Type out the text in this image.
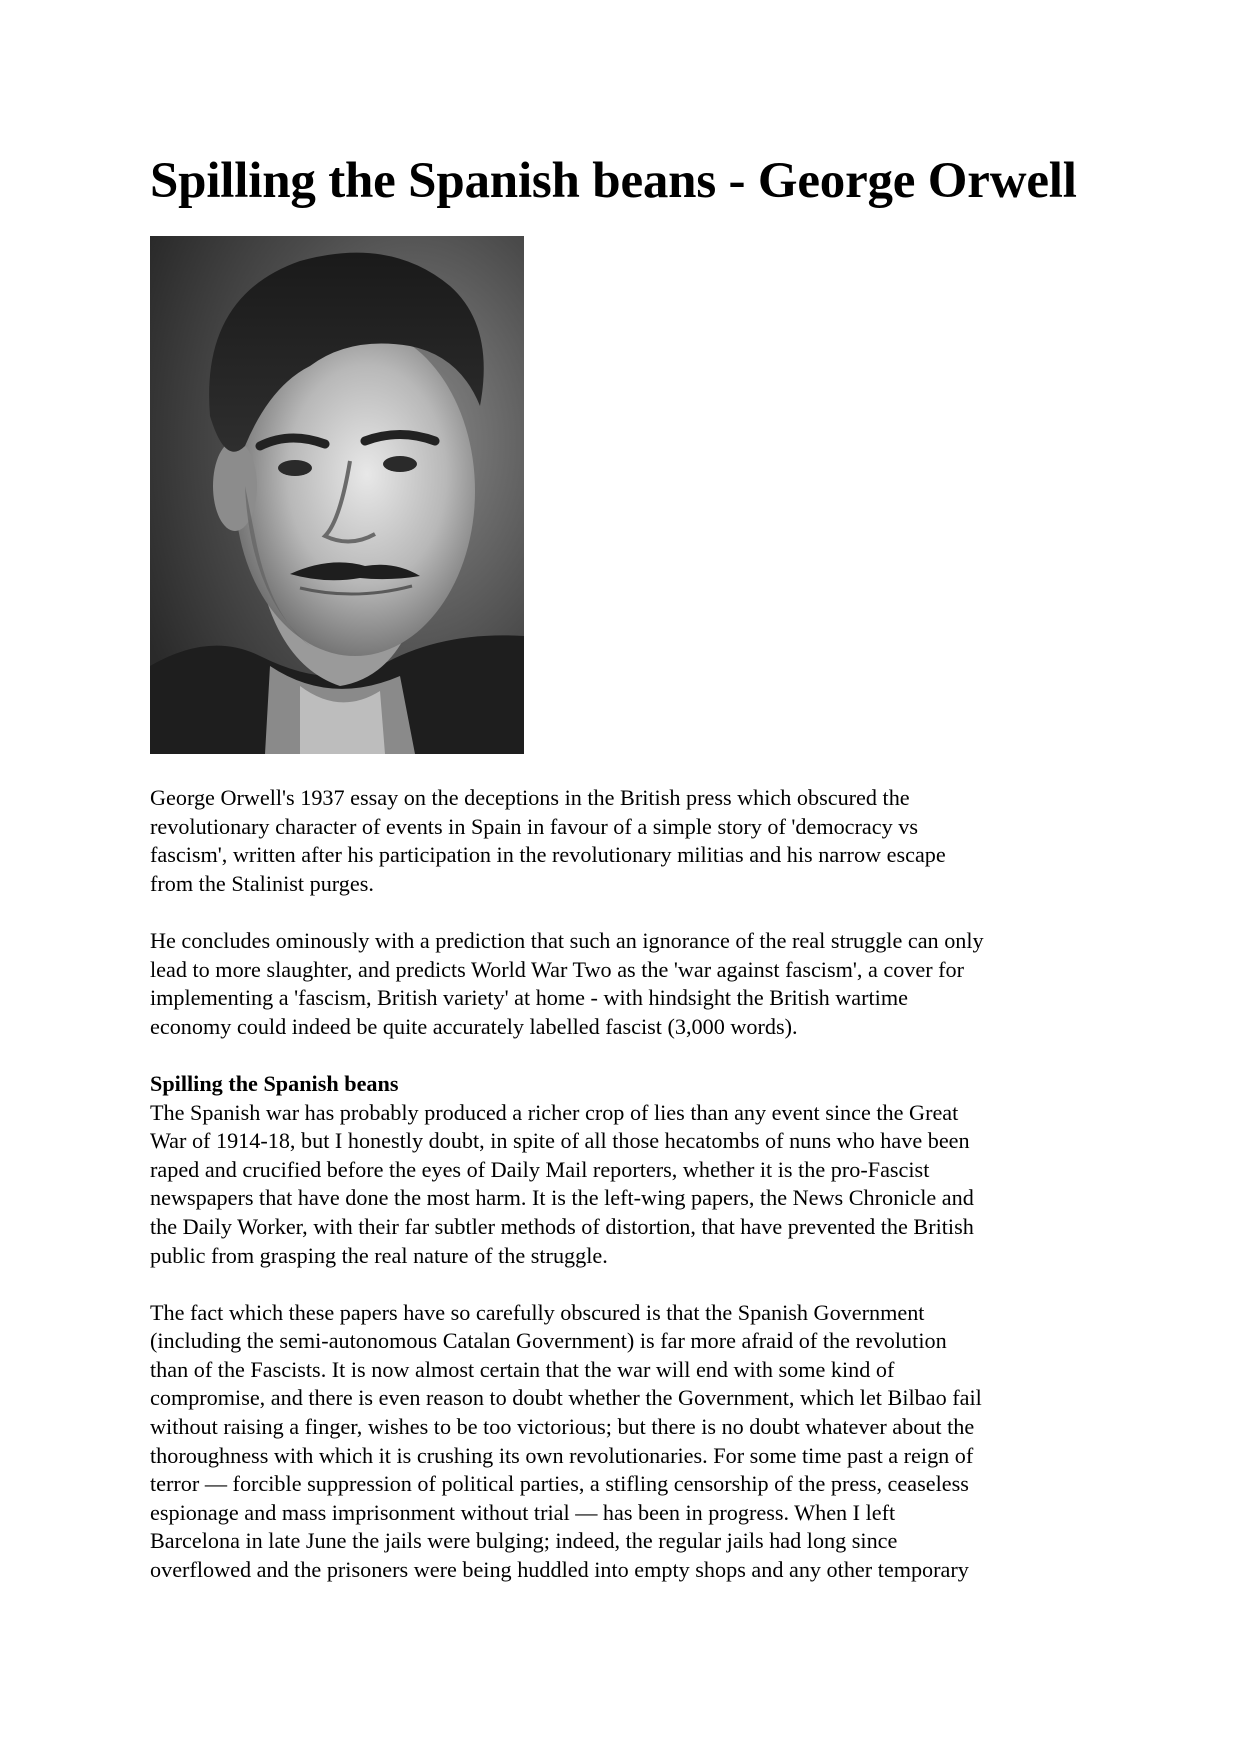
Spilling the Spanish beans - George Orwell

George Orwell's 1937 essay on the deceptions in the British press which obscured the
revolutionary character of events in Spain in favour of a simple story of 'democracy vs
fascism', written after his participation in the revolutionary militias and his narrow escape
from the Stalinist purges.

He concludes ominously with a prediction that such an ignorance of the real struggle can only
lead to more slaughter, and predicts World War Two as the 'war against fascism', a cover for
implementing a 'fascism, British variety' at home - with hindsight the British wartime
economy could indeed be quite accurately labelled fascist (3,000 words).

Spilling the Spanish beans
The Spanish war has probably produced a richer crop of lies than any event since the Great
War of 1914-18, but I honestly doubt, in spite of all those hecatombs of nuns who have been
raped and crucified before the eyes of Daily Mail reporters, whether it is the pro-Fascist
newspapers that have done the most harm. It is the left-wing papers, the News Chronicle and
the Daily Worker, with their far subtler methods of distortion, that have prevented the British
public from grasping the real nature of the struggle.

The fact which these papers have so carefully obscured is that the Spanish Government
(including the semi-autonomous Catalan Government) is far more afraid of the revolution
than of the Fascists. It is now almost certain that the war will end with some kind of
compromise, and there is even reason to doubt whether the Government, which let Bilbao fail
without raising a finger, wishes to be too victorious; but there is no doubt whatever about the
thoroughness with which it is crushing its own revolutionaries. For some time past a reign of
terror — forcible suppression of political parties, a stifling censorship of the press, ceaseless
espionage and mass imprisonment without trial — has been in progress. When I left
Barcelona in late June the jails were bulging; indeed, the regular jails had long since
overflowed and the prisoners were being huddled into empty shops and any other temporary
